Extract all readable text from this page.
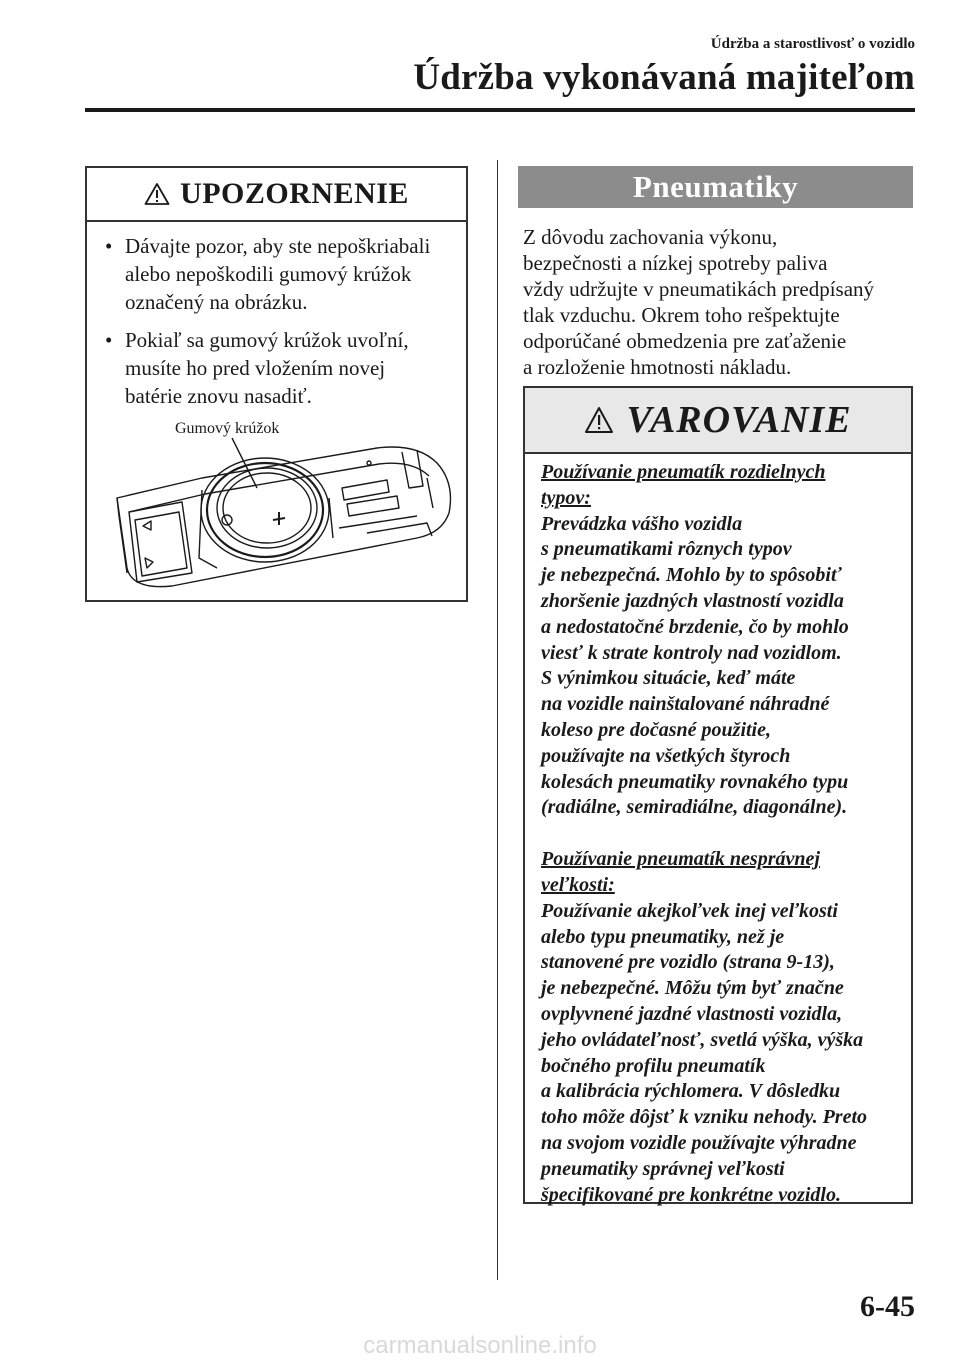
Údržba a starostlivosť o vozidlo
Údržba vykonávaná majiteľom
UPOZORNENIE
• Dávajte pozor, aby ste nepoškriabali
alebo nepoškodili gumový krúžok
označený na obrázku.
• Pokiaľ sa gumový krúžok uvoľní,
musíte ho pred vložením novej
batérie znovu nasadiť.
Gumový krúžok
Pneumatiky
Z dôvodu zachovania výkonu,
bezpečnosti a nízkej spotreby paliva
vždy udržujte v pneumatikách predpísaný
tlak vzduchu. Okrem toho rešpektujte
odporúčané obmedzenia pre zaťaženie
a rozloženie hmotnosti nákladu.
VAROVANIE
Používanie pneumatík rozdielnych
typov:
Prevádzka vášho vozidla
s pneumatikami rôznych typov
je nebezpečná. Mohlo by to spôsobiť
zhoršenie jazdných vlastností vozidla
a nedostatočné brzdenie, čo by mohlo
viesť k strate kontroly nad vozidlom.
S výnimkou situácie, keď máte
na vozidle nainštalované náhradné
koleso pre dočasné použitie,
používajte na všetkých štyroch
kolesách pneumatiky rovnakého typu
(radiálne, semiradiálne, diagonálne).
Používanie pneumatík nesprávnej
veľkosti:
Používanie akejkoľvek inej veľkosti
alebo typu pneumatiky, než je
stanovené pre vozidlo (strana 9-13),
je nebezpečné. Môžu tým byť značne
ovplyvnené jazdné vlastnosti vozidla,
jeho ovládateľnosť, svetlá výška, výška
bočného profilu pneumatík
a kalibrácia rýchlomera. V dôsledku
toho môže dôjsť k vzniku nehody. Preto
na svojom vozidle používajte výhradne
pneumatiky správnej veľkosti
špecifikované pre konkrétne vozidlo.
6-45
carmanualsonline.info
